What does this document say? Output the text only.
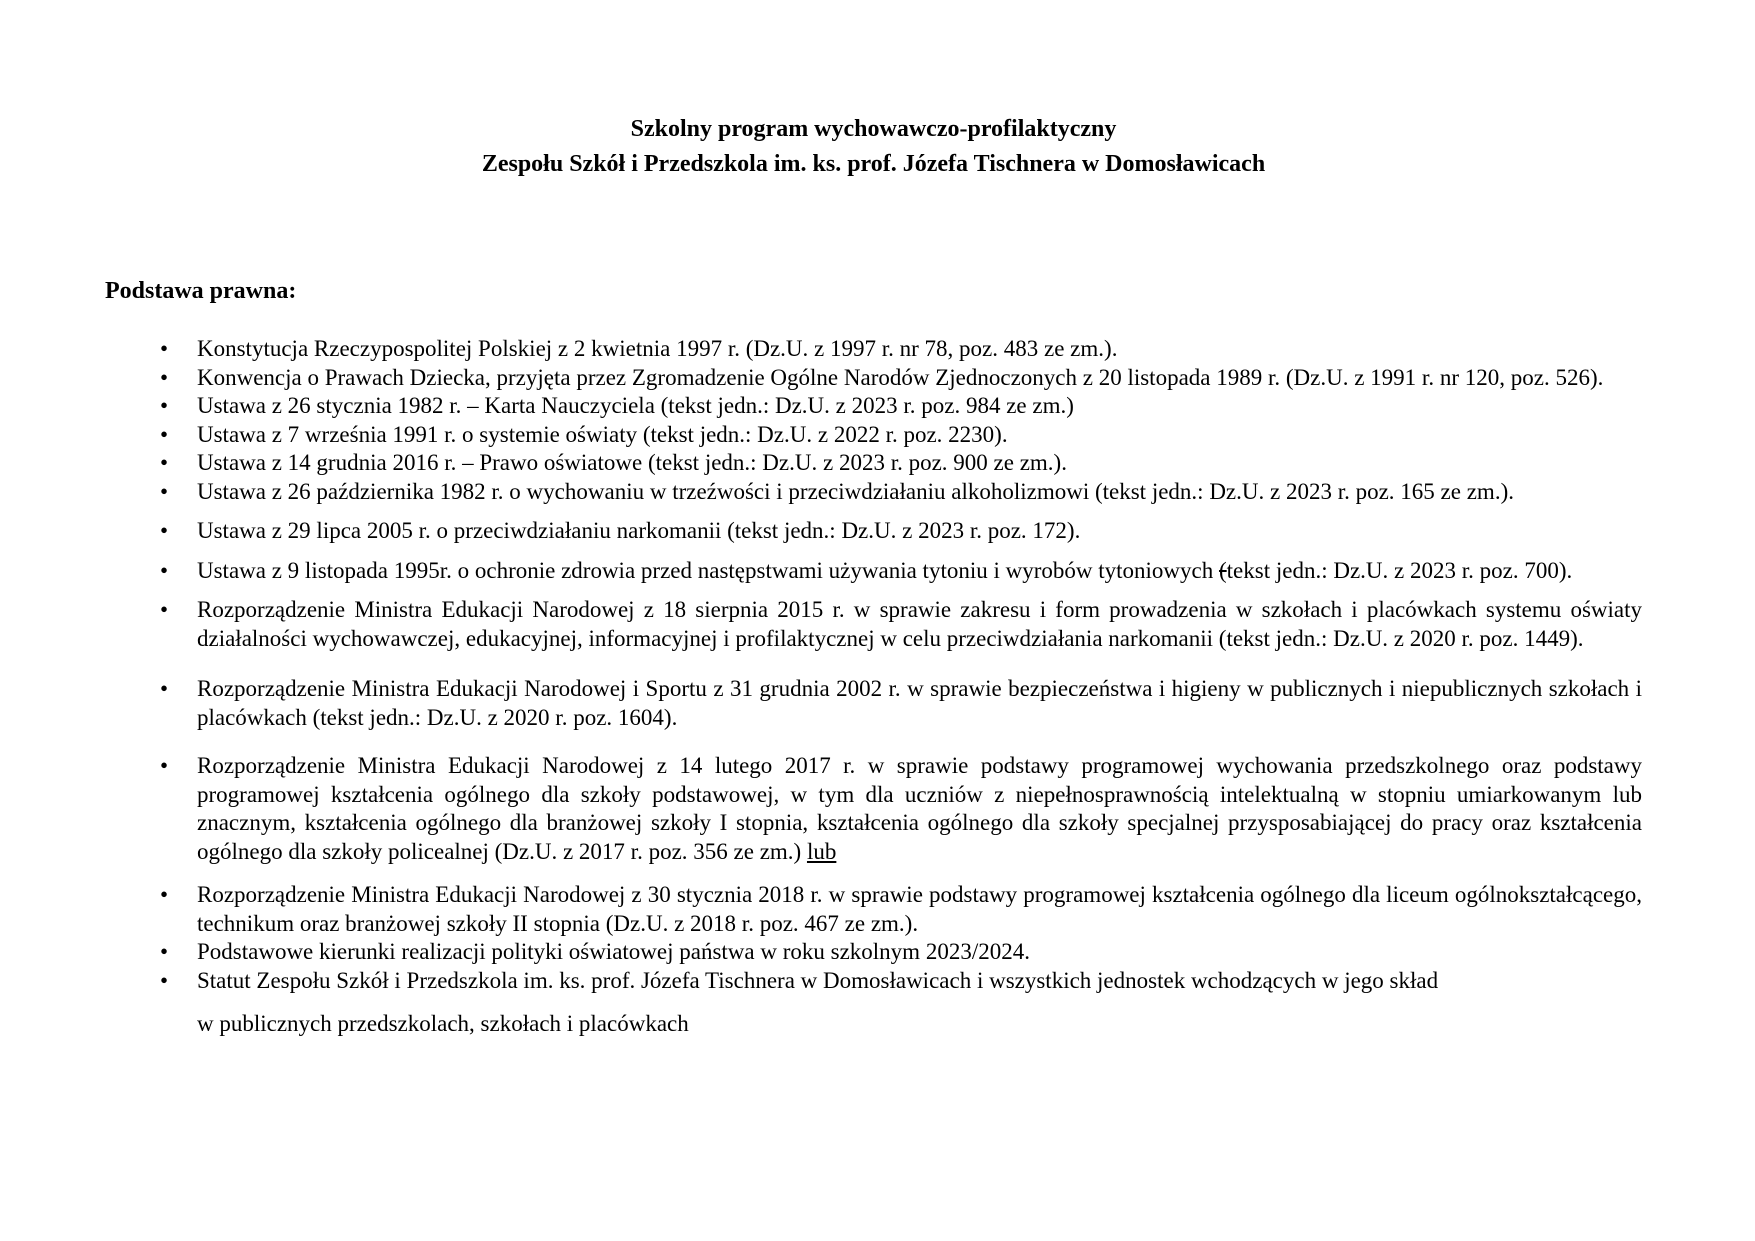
Szkolny program wychowawczo-profilaktyczny
Zespołu Szkół i Przedszkola im. ks. prof. Józefa Tischnera w Domosławicach
Podstawa prawna:
• Konstytucja Rzeczypospolitej Polskiej z 2 kwietnia 1997 r. (Dz.U. z 1997 r. nr 78, poz. 483 ze zm.).
• Konwencja o Prawach Dziecka, przyjęta przez Zgromadzenie Ogólne Narodów Zjednoczonych z 20 listopada 1989 r. (Dz.U. z 1991 r. nr 120, poz. 526).
• Ustawa z 26 stycznia 1982 r. – Karta Nauczyciela (tekst jedn.: Dz.U. z 2023 r. poz. 984 ze zm.)
• Ustawa z 7 września 1991 r. o systemie oświaty (tekst jedn.: Dz.U. z 2022 r. poz. 2230).
• Ustawa z 14 grudnia 2016 r. – Prawo oświatowe (tekst jedn.: Dz.U. z 2023 r. poz. 900 ze zm.).
• Ustawa z 26 października 1982 r. o wychowaniu w trzeźwości i przeciwdziałaniu alkoholizmowi (tekst jedn.: Dz.U. z 2023 r. poz. 165 ze zm.).
• Ustawa z 29 lipca 2005 r. o przeciwdziałaniu narkomanii (tekst jedn.: Dz.U. z 2023 r. poz. 172).
• Ustawa z 9 listopada 1995r. o ochronie zdrowia przed następstwami używania tytoniu i wyrobów tytoniowych (tekst jedn.: Dz.U. z 2023 r. poz. 700).
• Rozporządzenie Ministra Edukacji Narodowej z 18 sierpnia 2015 r. w sprawie zakresu i form prowadzenia w szkołach i placówkach systemu oświaty działalności wychowawczej, edukacyjnej, informacyjnej i profilaktycznej w celu przeciwdziałania narkomanii (tekst jedn.: Dz.U. z 2020 r. poz. 1449).
• Rozporządzenie Ministra Edukacji Narodowej i Sportu z 31 grudnia 2002 r. w sprawie bezpieczeństwa i higieny w publicznych i niepublicznych szkołach i placówkach (tekst jedn.: Dz.U. z 2020 r. poz. 1604).
• Rozporządzenie Ministra Edukacji Narodowej z 14 lutego 2017 r. w sprawie podstawy programowej wychowania przedszkolnego oraz podstawy programowej kształcenia ogólnego dla szkoły podstawowej, w tym dla uczniów z niepełnosprawnością intelektualną w stopniu umiarkowanym lub znacznym, kształcenia ogólnego dla branżowej szkoły I stopnia, kształcenia ogólnego dla szkoły specjalnej przysposabiającej do pracy oraz kształcenia ogólnego dla szkoły policealnej (Dz.U. z 2017 r. poz. 356 ze zm.) lub
• Rozporządzenie Ministra Edukacji Narodowej z 30 stycznia 2018 r. w sprawie podstawy programowej kształcenia ogólnego dla liceum ogólnokształcącego, technikum oraz branżowej szkoły II stopnia (Dz.U. z 2018 r. poz. 467 ze zm.).
• Podstawowe kierunki realizacji polityki oświatowej państwa w roku szkolnym 2023/2024.
• Statut Zespołu Szkół i Przedszkola im. ks. prof. Józefa Tischnera w Domosławicach i wszystkich jednostek wchodzących w jego skład

w publicznych przedszkolach, szkołach i placówkach
